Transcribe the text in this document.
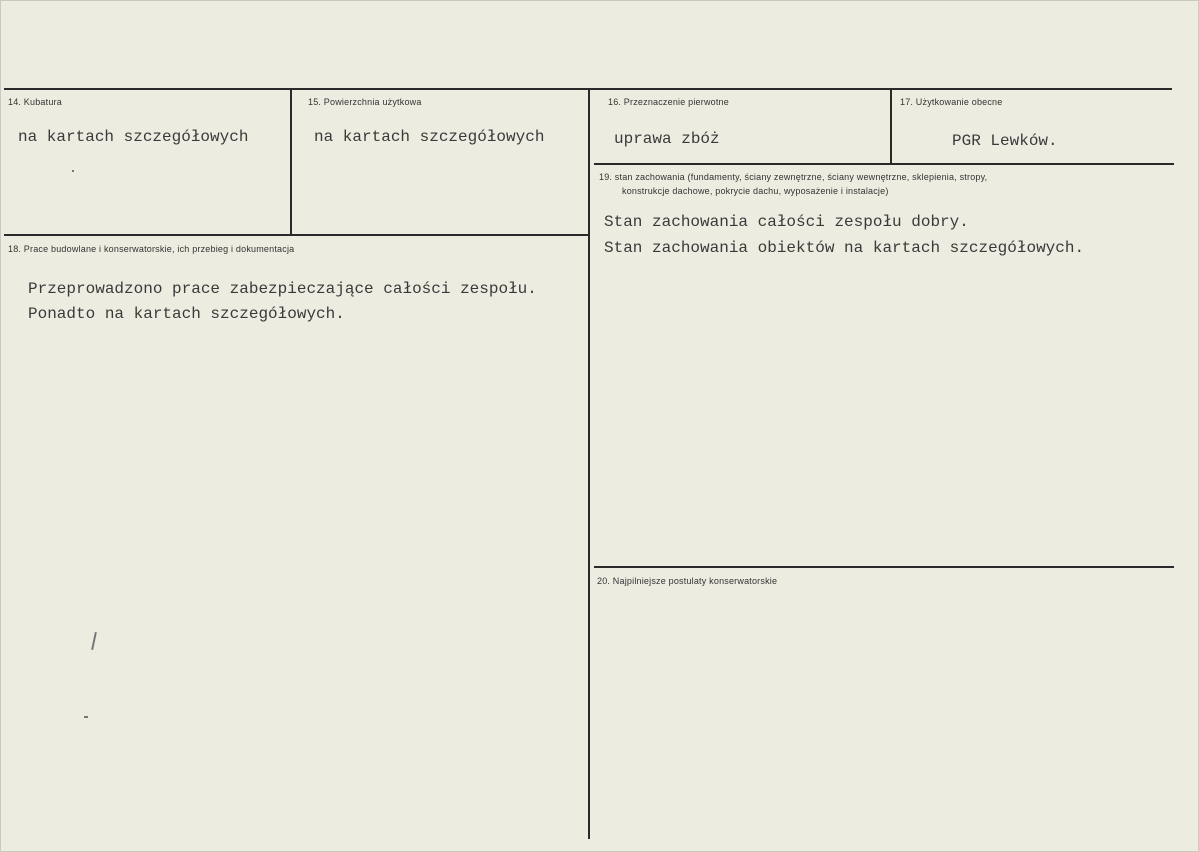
14. Kubatura
na kartach szczegółowych
15. Powierzchnia użytkowa
na kartach szczegółowych
16. Przeznaczenie pierwotne
uprawa zbóż
17. Użytkowanie obecne
PGR Lewków.
18. Prace budowlane i konserwatorskie, ich przebieg i dokumentacja
Przeprowadzono prace zabezpieczające całości zespołu.
Ponadto na kartach szczegółowych.
19. stan zachowania (fundamenty, ściany zewnętrzne, ściany wewnętrzne, sklepienia, stropy,
konstrukcje dachowe, pokrycie dachu, wyposażenie i instalacje)
Stan zachowania całości zespołu dobry.
Stan zachowania obiektów na kartach szczegółowych.
20. Najpilniejsze postulaty konserwatorskie
